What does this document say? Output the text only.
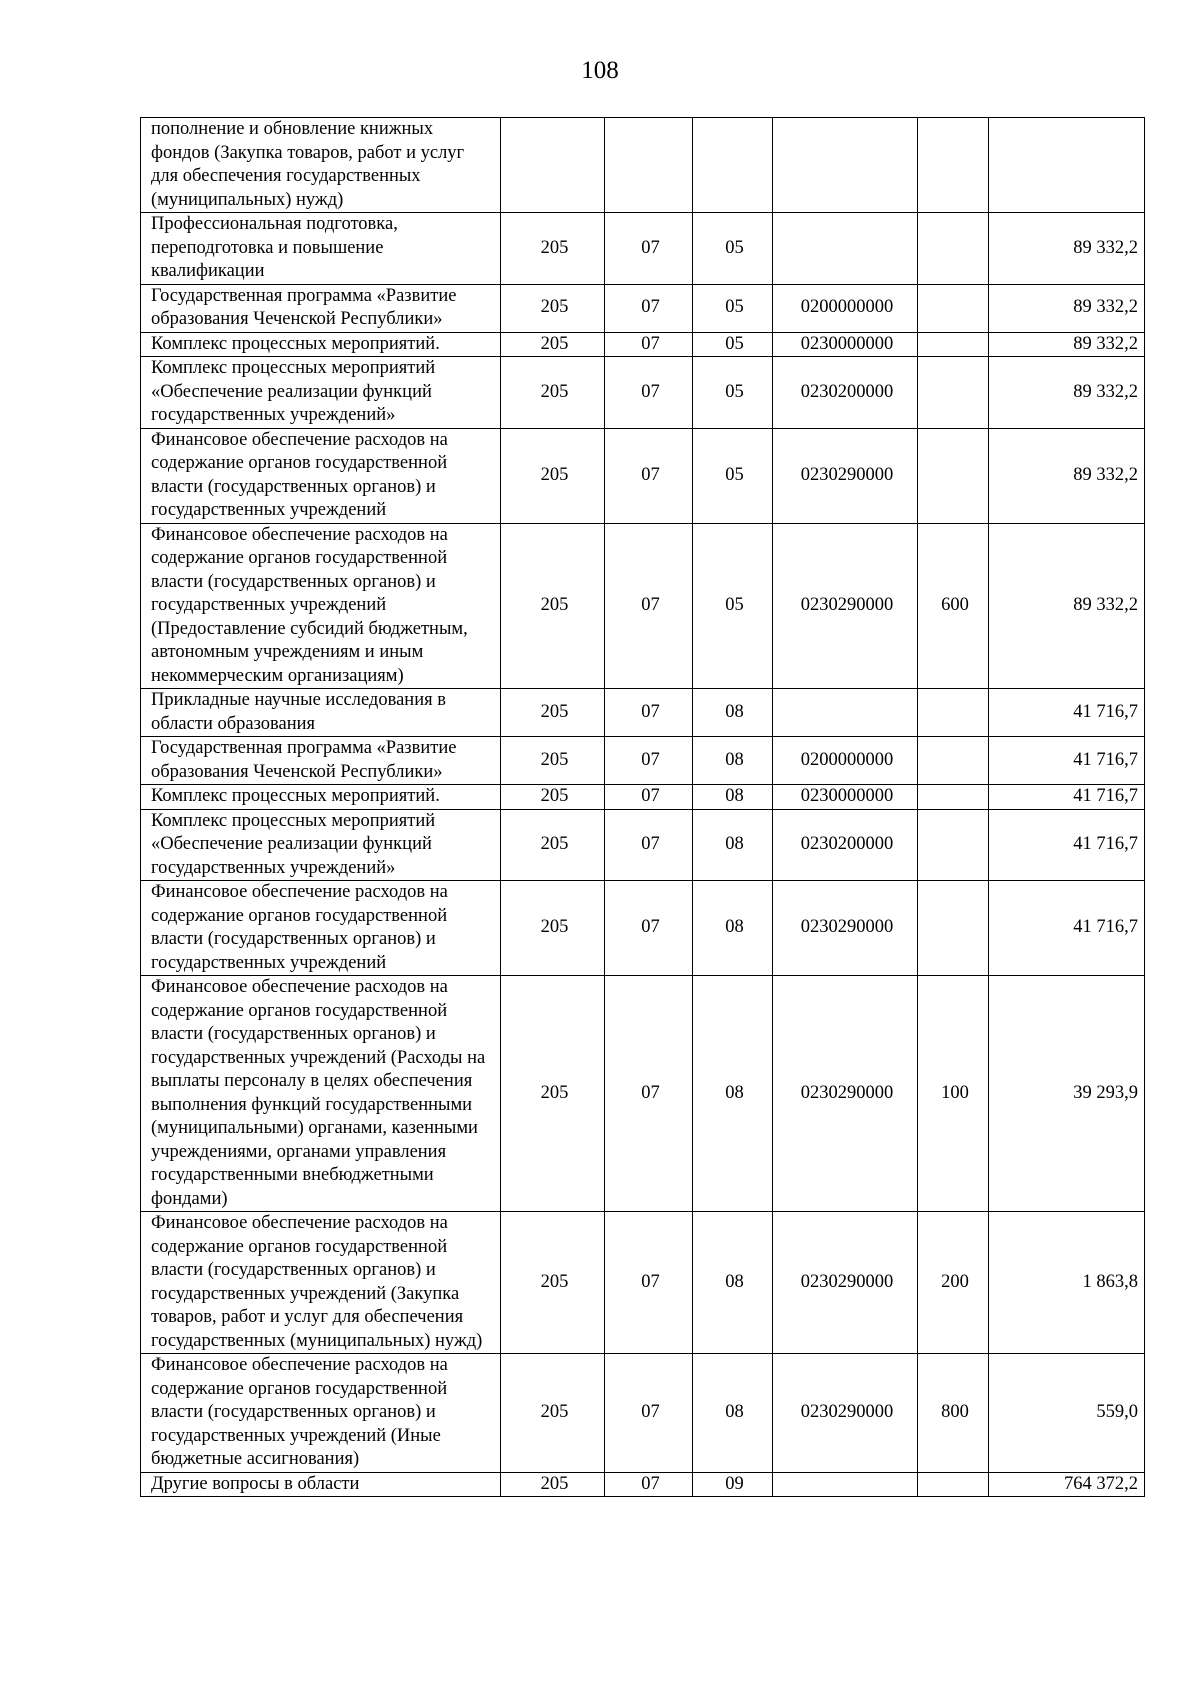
108
пополнение и обновление книжных фондов (Закупка товаров, работ и услуг для обеспечения государственных (муниципальных) нужд)						
Профессиональная подготовка, переподготовка и повышение квалификации	205	07	05			89 332,2
Государственная программа «Развитие образования Чеченской Республики»	205	07	05	0200000000		89 332,2
Комплекс процессных мероприятий.	205	07	05	0230000000		89 332,2
Комплекс процессных мероприятий «Обеспечение реализации функций государственных учреждений»	205	07	05	0230200000		89 332,2
Финансовое обеспечение расходов на содержание органов государственной власти (государственных органов) и государственных учреждений	205	07	05	0230290000		89 332,2
Финансовое обеспечение расходов на содержание органов государственной власти (государственных органов) и государственных учреждений (Предоставление субсидий бюджетным, автономным учреждениям и иным некоммерческим организациям)	205	07	05	0230290000	600	89 332,2
Прикладные научные исследования в области образования	205	07	08			41 716,7
Государственная программа «Развитие образования Чеченской Республики»	205	07	08	0200000000		41 716,7
Комплекс процессных мероприятий.	205	07	08	0230000000		41 716,7
Комплекс процессных мероприятий «Обеспечение реализации функций государственных учреждений»	205	07	08	0230200000		41 716,7
Финансовое обеспечение расходов на содержание органов государственной власти (государственных органов) и государственных учреждений	205	07	08	0230290000		41 716,7
Финансовое обеспечение расходов на содержание органов государственной власти (государственных органов) и государственных учреждений (Расходы на выплаты персоналу в целях обеспечения выполнения функций государственными (муниципальными) органами, казенными учреждениями, органами управления государственными внебюджетными фондами)	205	07	08	0230290000	100	39 293,9
Финансовое обеспечение расходов на содержание органов государственной власти (государственных органов) и государственных учреждений (Закупка товаров, работ и услуг для обеспечения государственных (муниципальных) нужд)	205	07	08	0230290000	200	1 863,8
Финансовое обеспечение расходов на содержание органов государственной власти (государственных органов) и государственных учреждений (Иные бюджетные ассигнования)	205	07	08	0230290000	800	559,0
Другие вопросы в области	205	07	09			764 372,2
